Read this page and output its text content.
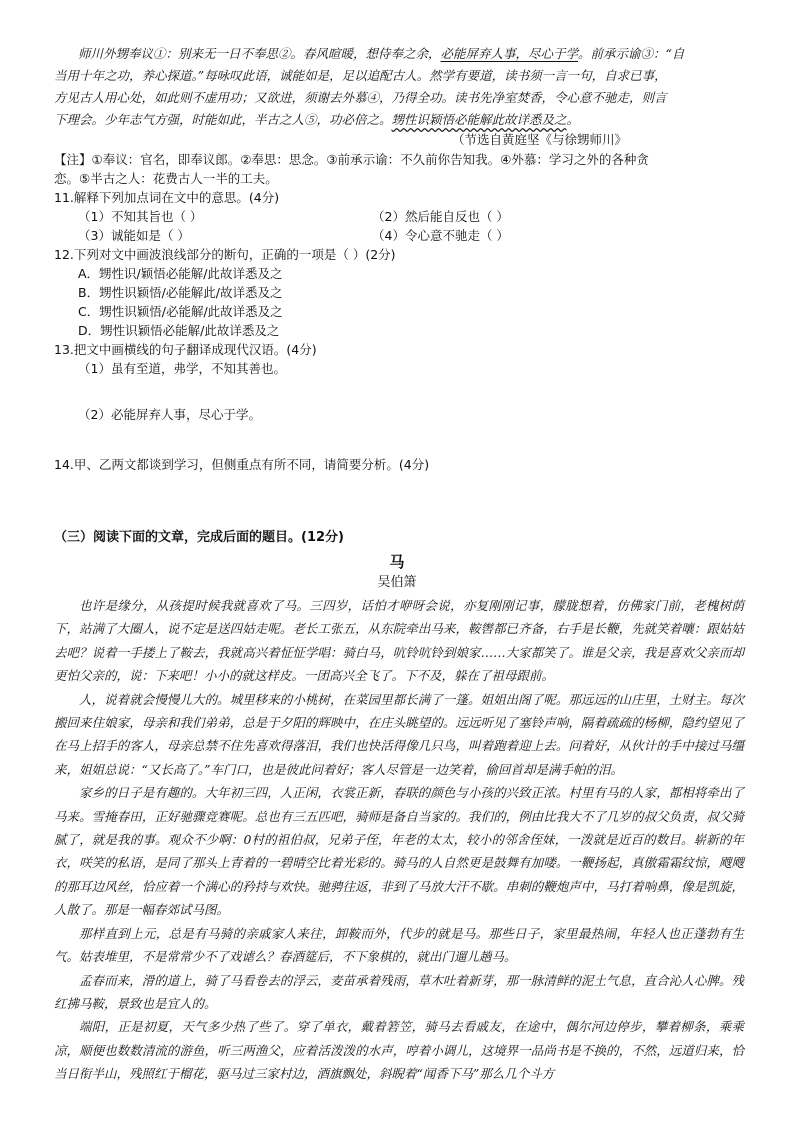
师川外甥奉议①：别来无一日不奉思②。春风暄暖，想侍奉之余，必能屏弃人事，尽心于学。前承示谕③：“自
当用十年之功，养心探道。”每咏叹此语，诚能如是，足以追配古人。然学有要道，读书须一言一句，自求已事，
方见古人用心处，如此则不虚用功；又欲进，须谢去外慕④，乃得全功。读书先净室焚香，令心意不驰走，则言
下理会。少年志气方强，时能如此，半古之人⑤，功必倍之。甥性识颖悟必能解此故详悉及之。
（节选自黄庭坚《与徐甥师川》
【注】①奉议：官名，即奉议郎。②奉思：思念。③前承示谕：不久前你告知我。④外慕：学习之外的各种贪
恋。⑤半古之人：花费古人一半的工夫。
11.解释下列加点词在文中的意思。(4分)
（1）不知其旨也（ ）	（2）然后能自反也（ ）
（3）诚能如是（ ）	（4）令心意不驰走（ ）
12.下列对文中画波浪线部分的断句，正确的一项是（ ）(2分)
A．甥性识/颖悟必能解/此故详悉及之
B．甥性识颖悟/必能解此/故详悉及之
C．甥性识颖悟/必能解/此故详悉及之
D．甥性识颖悟必能解/此故详悉及之
13.把文中画横线的句子翻译成现代汉语。(4分)
（1）虽有至道，弗学，不知其善也。
（2）必能屏弃人事，尽心于学。
14.甲、乙两文都谈到学习，但侧重点有所不同，请简要分析。(4分)
（三）阅读下面的文章，完成后面的题目。(12分)
马
吴伯箫

也许是缘分，从孩提时候我就喜欢了马。三四岁，话怕才咿呀会说，亦复刚刚记事，朦胧想着，仿佛家门前，老槐树荫下，站满了大圈人，说不定是送四姑走呢。老长工张五，从东院牵出马来，鞍辔都已齐备，右手是长鞭，先就笑着嚷：跟姑姑去吧？说着一手搂上了鞍去，我就高兴着怔怔学唱：骑白马，吭铃吭铃到娘家……大家都笑了。谁是父亲，我是喜欢父亲而却更怕父亲的，说：下来吧！小小的就这样皮。一团高兴全飞了。下不及，躲在了祖母跟前。

人，说着就会慢慢儿大的。城里移来的小桃树，在菜园里都长满了一篷。姐姐出阁了呢。那远远的山庄里，土财主。每次搬回来住娘家，母亲和我们弟弟，总是于夕阳的辉映中，在庄头眺望的。远远听见了塞铃声响，隔着疏疏的杨柳，隐约望见了在马上招手的客人，母亲总禁不住先喜欢得落泪，我们也快活得像几只鸟，叫着跑着迎上去。问着好，从伙计的手中接过马缰来，姐姐总说：“又长高了。”车门口，也是彼此问着好；客人尽管是一边笑着，偷回首却是满手帕的泪。

家乡的日子是有趣的。大年初三四，人正闲，衣裳正新，春联的颜色与小孩的兴致正浓。村里有马的人家，都相将牵出了马来。雪掩春田，正好驰骤竞赛呢。总也有三五匹吧，骑师是备自当家的。我们的，例由比我大不了几岁的叔父负责，叔父骑腻了，就是我的事。观众不少啊：0村的祖伯叔，兄弟子侄，年老的太太，较小的邻舍侄妹，一泼就是近百的数目。崭新的年衣，咲笑的私语，是同了那头上青着的一碧晴空比着光彩的。骑马的人自然更是鼓舞有加喽。一鞭扬起，真傲霜霜纹惊，飕飕的那耳边风丝，恰应着一个满心的矜持与欢快。驰骋往返，非到了马放大汗不歇。串刺的鞭炮声中，马打着响鼻，像是凯旋，人散了。那是一幅春郊试马图。

那样直到上元，总是有马骑的亲戚家人来往，卸鞍而外，代步的就是马。那些日子，家里最热闹，年轻人也正蓬勃有生气。姑表堆里，不是常常少不了戏谑么？春酒筵后，不下象棋的，就出门遛儿趟马。

孟春而来，滑的道上，骑了马看卷去的浮云，麦苗承着残雨，草木吐着新芽，那一脉清鲜的泥土气息，直合沁人心脾。残红拂马鞍，景致也是宜人的。

端阳，正是初夏，天气多少热了些了。穿了单衣，戴着箬笠，骑马去看戚友，在途中，偶尔河边停步，攀着柳条，乘乘凉，顺便也数数清流的游鱼，听三两渔父，应着活泼泼的水声，哼着小调儿，这境界一品尚书是不换的，不然，远道归来，恰当日衔半山，残照红于榴花，驱马过三家村边，酒旗飘处，斜睨着“闻香下马”那么几个斗方
